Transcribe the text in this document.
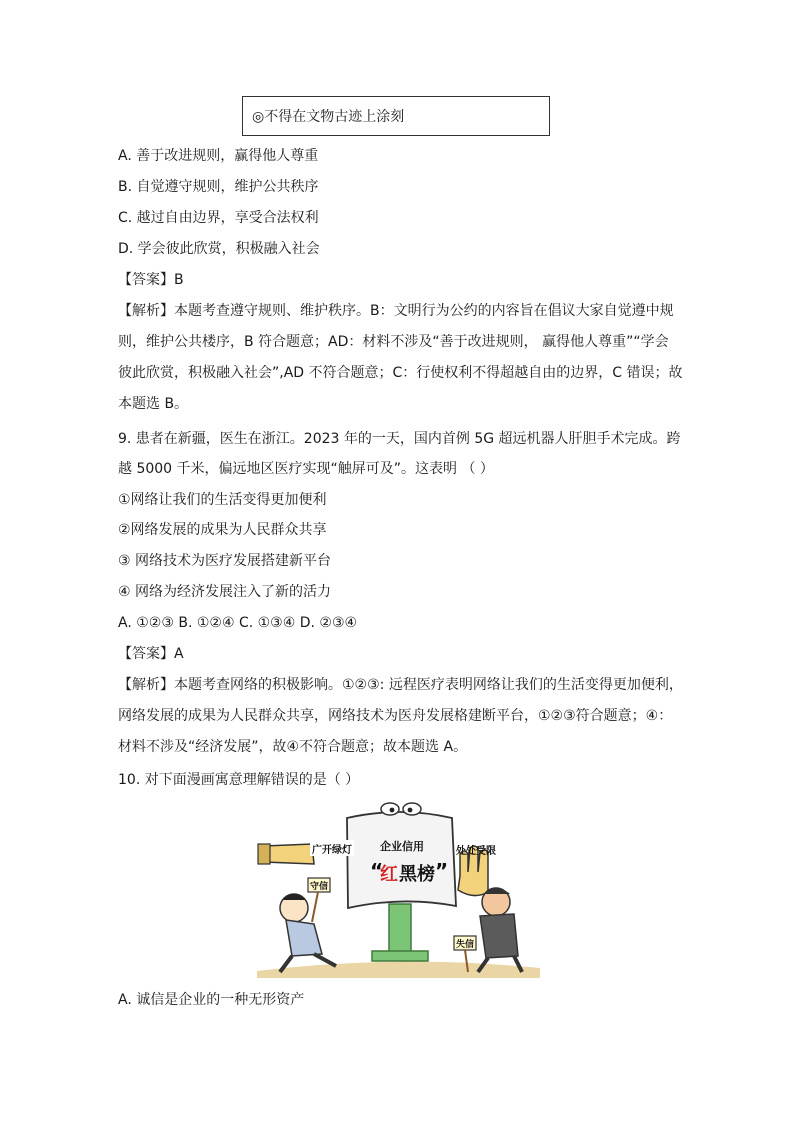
◎不得在文物古迹上涂刻
A. 善于改进规则，赢得他人尊重
B. 自觉遵守规则，维护公共秩序
C. 越过自由边界，享受合法权利
D. 学会彼此欣赏，积极融入社会
【答案】B
【解析】本题考查遵守规则、维护秩序。B：文明行为公约的内容旨在倡议大家自觉遵中规
则，维护公共楼序，B 符合题意；AD：材料不涉及“善于改进规则， 赢得他人尊重”“学会
彼此欣赏，积极融入社会”,AD 不符合题意；C：行使权利不得超越自由的边界，C 错误；故
本题选 B。
9. 患者在新疆，医生在浙江。2023 年的一天，国内首例 5G 超远机器人肝胆手术完成。跨
越 5000 千米，偏远地区医疗实现“触屏可及”。这表明 （ ）
①网络让我们的生活变得更加便利
②网络发展的成果为人民群众共享
③ 网络技术为医疗发展搭建新平台
④ 网络为经济发展注入了新的活力
A. ①②③ B. ①②④ C. ①③④ D. ②③④
【答案】A
【解析】本题考查网络的积极影响。①②③: 远程医疗表明网络让我们的生活变得更加便利，
网络发展的成果为人民群众共享，网络技术为医舟发展格建断平台，①②③符合题意；④：
材料不涉及“经济发展”，故④不符合题意；故本题选 A。
10. 对下面漫画寓意理解错误的是（ ）
企业信用
“
红 黑榜 ”
广开绿灯	处处受限
守信
失信
A. 诚信是企业的一种无形资产
